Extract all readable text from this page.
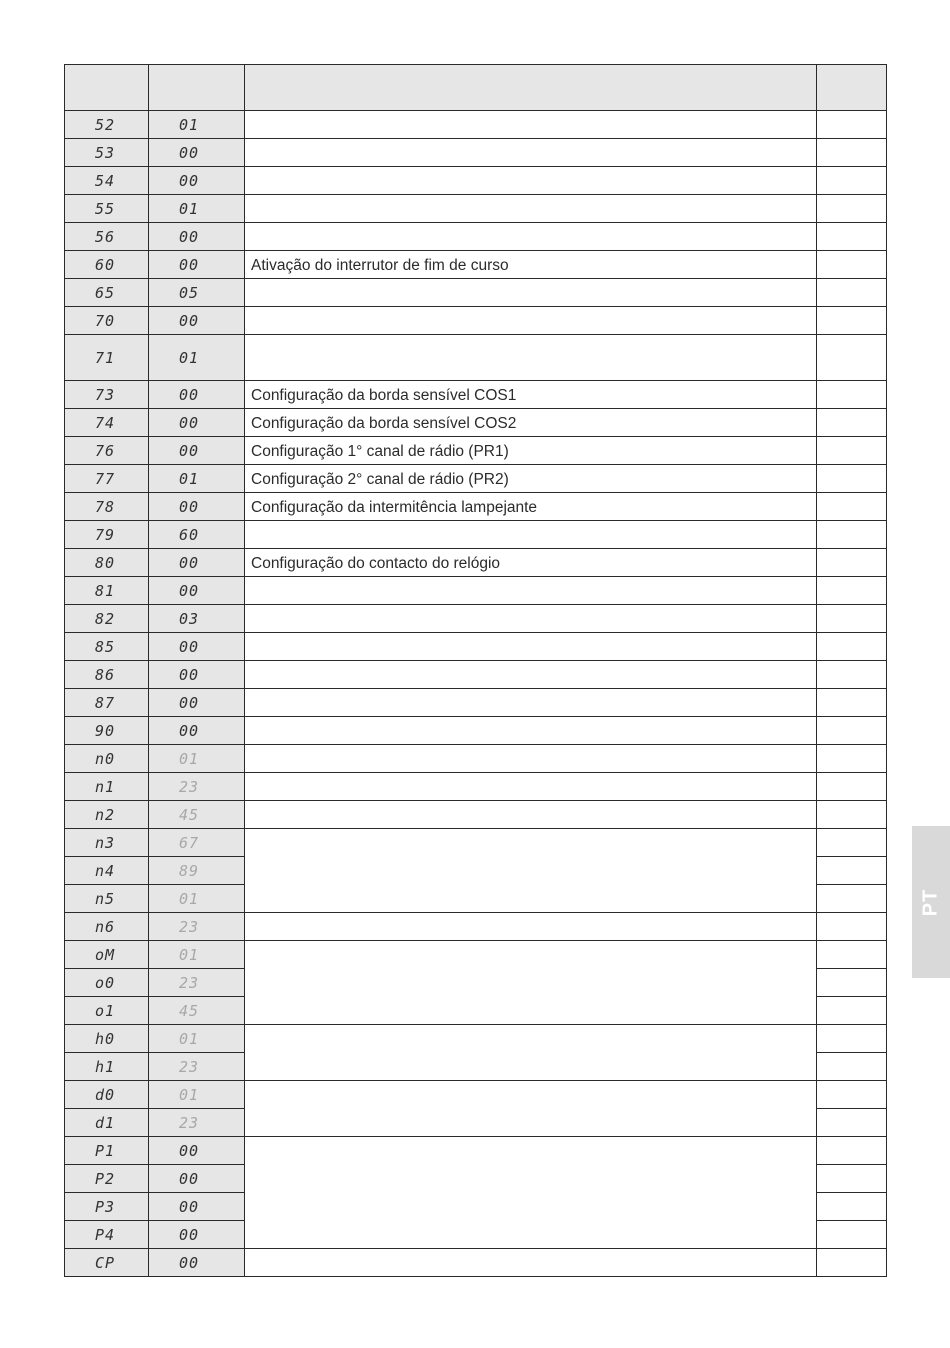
52	01		
53	00		
54	00		
55	01		
56	00		
60	00	Ativação do interrutor de fim de curso	
65	05		
70	00		
71	01		
73	00	Configuração da borda sensível COS1	
74	00	Configuração da borda sensível COS2	
76	00	Configuração 1° canal de rádio (PR1)	
77	01	Configuração 2° canal de rádio (PR2)	
78	00	Configuração da intermitência lampejante	
79	60		
80	00	Configuração do contacto do relógio	
81	00		
82	03		
85	00		
86	00		
87	00		
90	00		
n0	01		
n1	23		
n2	45		
n3	67		
n4	89		
n5	01		
n6	23		
oM	01		
o0	23		
o1	45		
h0	01		
h1	23		
d0	01		
d1	23		
P1	00		
P2	00		
P3	00		
P4	00		
CP	00		
PT
